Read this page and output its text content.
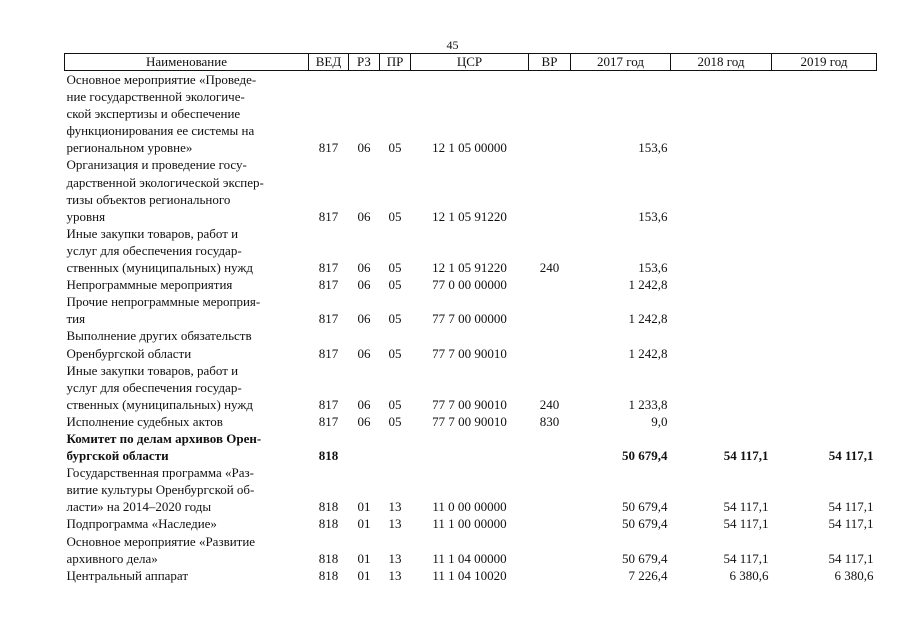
45
Наименование	ВЕД	РЗ	ПР	ЦСР	ВР	2017 год	2018 год	2019 год
Основное мероприятие «Проведе-
ние государственной экологиче-
ской экспертизы и обеспечение
функционирования ее системы на
региональном уровне»	817	06	05	12 1 05 00000		153,6		
Организация и проведение госу-
дарственной экологической экспер-
тизы объектов регионального
уровня	817	06	05	12 1 05 91220		153,6		
Иные закупки товаров, работ и
услуг для обеспечения государ-
ственных (муниципальных) нужд	817	06	05	12 1 05 91220	240	153,6		
Непрограммные мероприятия	817	06	05	77 0 00 00000		1 242,8		
Прочие непрограммные мероприя-
тия	817	06	05	77 7 00 00000		1 242,8		
Выполнение других обязательств
Оренбургской области	817	06	05	77 7 00 90010		1 242,8		
Иные закупки товаров, работ и
услуг для обеспечения государ-
ственных (муниципальных) нужд	817	06	05	77 7 00 90010	240	1 233,8		
Исполнение судебных актов	817	06	05	77 7 00 90010	830	9,0		
Комитет по делам архивов Орен-
бургской области	818					50 679,4	54 117,1	54 117,1
Государственная программа «Раз-
витие культуры Оренбургской об-
ласти» на 2014–2020 годы	818	01	13	11 0 00 00000		50 679,4	54 117,1	54 117,1
Подпрограмма «Наследие»	818	01	13	11 1 00 00000		50 679,4	54 117,1	54 117,1
Основное мероприятие «Развитие
архивного дела»	818	01	13	11 1 04 00000		50 679,4	54 117,1	54 117,1
Центральный аппарат	818	01	13	11 1 04 10020		7 226,4	6 380,6	6 380,6
